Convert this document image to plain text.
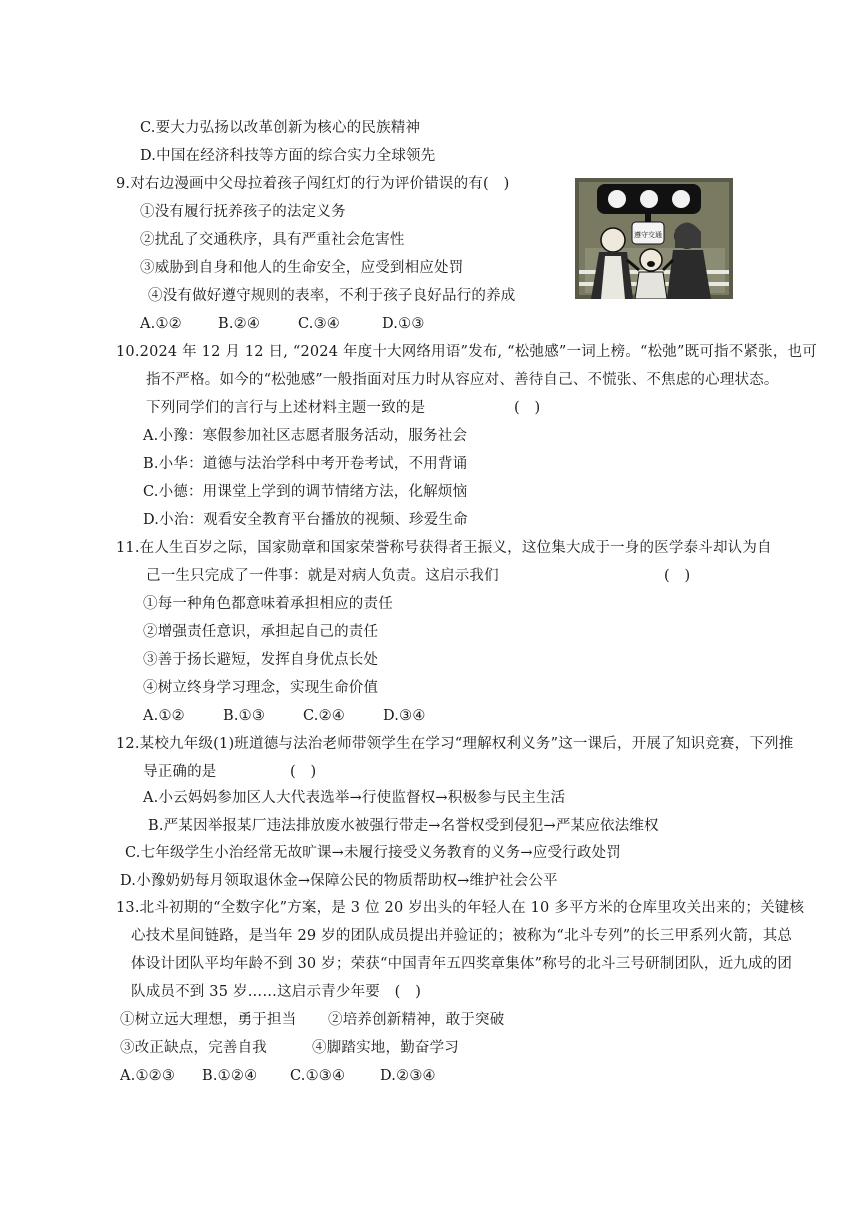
C.要大力弘扬以改革创新为核心的民族精神
D.中国在经济科技等方面的综合实力全球领先
9.对右边漫画中父母拉着孩子闯红灯的行为评价错误的有(　)
①没有履行抚养孩子的法定义务
②扰乱了交通秩序，具有严重社会危害性
③威胁到自身和他人的生命安全，应受到相应处罚
④没有做好遵守规则的表率，不利于孩子良好品行的养成
A.①② B.②④	C.③④	D.①③
遵守交通
10.2024 年 12 月 12 日, “2024 年度十大网络用语”发布, “松弛感”一词上榜。“松弛”既可指不紧张，也可
指不严格。如今的“松弛感”一般指面对压力时从容应对、善待自己、不慌张、不焦虑的心理状态。
下列同学们的言行与上述材料主题一致的是	(　)
A.小豫：寒假参加社区志愿者服务活动，服务社会
B.小华：道德与法治学科中考开卷考试，不用背诵
C.小德：用课堂上学到的调节情绪方法，化解烦恼
D.小治：观看安全教育平台播放的视频、珍爱生命
11.在人生百岁之际，国家勋章和国家荣誉称号获得者王振义，这位集大成于一身的医学泰斗却认为自
己一生只完成了一件事：就是对病人负责。这启示我们	(　)
①每一种角色都意味着承担相应的责任
②增强责任意识，承担起自己的责任
③善于扬长避短，发挥自身优点长处
④树立终身学习理念，实现生命价值
A.①②	B.①③	C.②④	D.③④
12.某校九年级(1)班道德与法治老师带领学生在学习“理解权利义务”这一课后，开展了知识竞赛，下列推
导正确的是	(　)
A.小云妈妈参加区人大代表选举→行使监督权→积极参与民主生活
B.严某因举报某厂违法排放废水被强行带走→名誉权受到侵犯→严某应依法维权
C.七年级学生小治经常无故旷课→未履行接受义务教育的义务→应受行政处罚
D.小豫奶奶每月领取退休金→保障公民的物质帮助权→维护社会公平
13.北斗初期的“全数字化”方案，是 3 位 20 岁出头的年轻人在 10 多平方米的仓库里攻关出来的；关键核
心技术星间链路，是当年 29 岁的团队成员提出并验证的；被称为“北斗专列”的长三甲系列火箭，其总
体设计团队平均年龄不到 30 岁；荣获“中国青年五四奖章集体”称号的北斗三号研制团队，近九成的团
队成员不到 35 岁……这启示青少年要　(　)
①树立远大理想，勇于担当 ②培养创新精神，敢于突破
③改正缺点，完善自我	④脚踏实地，勤奋学习
A.①②③ B.①②④ C.①③④ D.②③④
